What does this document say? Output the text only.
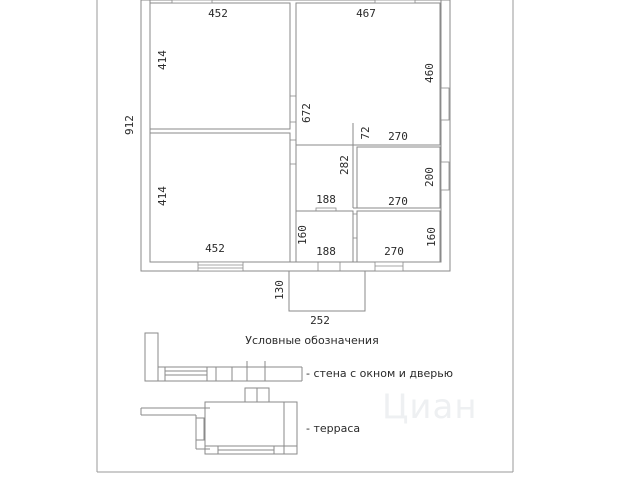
Циан
452	467
414
912
460
672
72 270
282
414
200
188	270
160	160
452	188	270
130
252
Условные обозначения
- стена с окном и дверью
- терраса
